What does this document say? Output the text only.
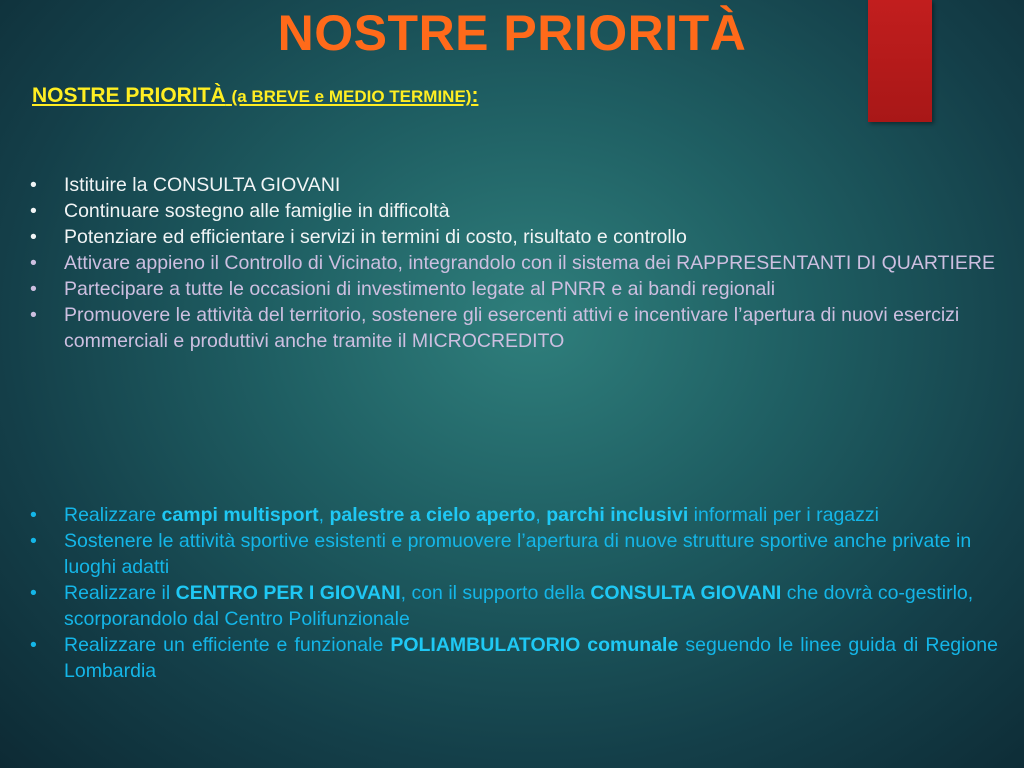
NOSTRE PRIORITÀ
NOSTRE PRIORITÀ (a BREVE e MEDIO TERMINE):
•	Istituire la CONSULTA GIOVANI
•	Continuare sostegno alle famiglie in difficoltà
•	Potenziare ed efficientare i servizi in termini di costo, risultato e controllo
•	Attivare appieno il Controllo di Vicinato, integrandolo con il sistema dei RAPPRESENTANTI DI QUARTIERE
•	Partecipare a tutte le occasioni di investimento legate al PNRR e ai bandi regionali
•	Promuovere le attività del territorio, sostenere gli esercenti attivi e incentivare l’apertura di nuovi esercizi commerciali e produttivi anche tramite il MICROCREDITO
•	Realizzare campi multisport, palestre a cielo aperto, parchi inclusivi informali per i ragazzi
•	Sostenere le attività sportive esistenti e promuovere l’apertura di nuove strutture sportive anche private in luoghi adatti
•	Realizzare il CENTRO PER I GIOVANI, con il supporto della CONSULTA GIOVANI che dovrà co-gestirlo, scorporandolo dal Centro Polifunzionale
•	Realizzare un efficiente e funzionale POLIAMBULATORIO comunale seguendo le linee guida di Regione Lombardia
